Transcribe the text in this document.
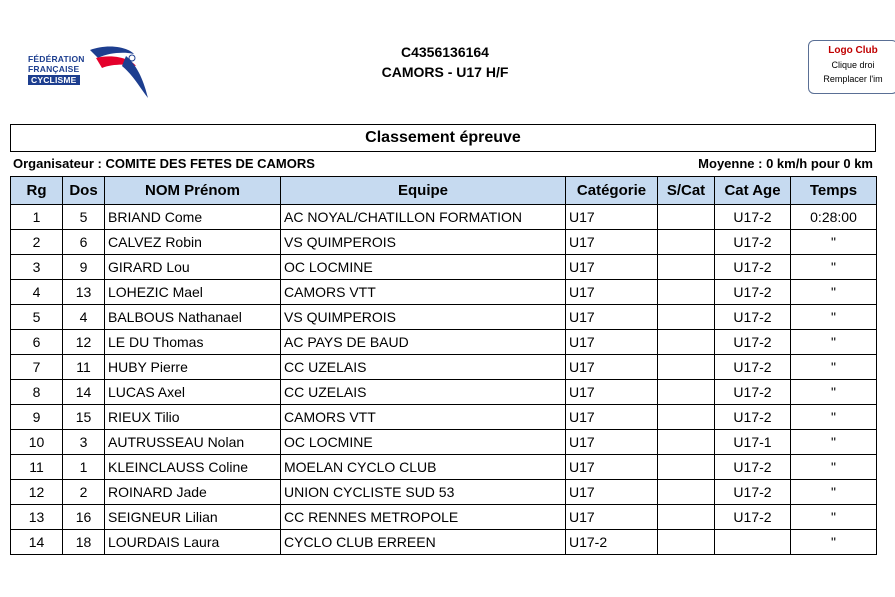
FÉDÉRATION
FRANÇAISE
CYCLISME
C4356136164
CAMORS - U17 H/F
Logo Club
Clique droi
Remplacer l'im
Classement épreuve
Organisateur : COMITE DES FETES DE CAMORS	Moyenne : 0 km/h pour 0 km
Rg	Dos	NOM Prénom	Equipe	Catégorie	S/Cat	Cat Age	Temps
1	5	BRIAND Come	AC NOYAL/CHATILLON FORMATION	U17		U17-2	0:28:00
2	6	CALVEZ Robin	VS QUIMPEROIS	U17		U17-2	"
3	9	GIRARD Lou	OC LOCMINE	U17		U17-2	"
4	13	LOHEZIC Mael	CAMORS VTT	U17		U17-2	"
5	4	BALBOUS Nathanael	VS QUIMPEROIS	U17		U17-2	"
6	12	LE DU Thomas	AC PAYS DE BAUD	U17		U17-2	"
7	11	HUBY Pierre	CC UZELAIS	U17		U17-2	"
8	14	LUCAS Axel	CC UZELAIS	U17		U17-2	"
9	15	RIEUX Tilio	CAMORS VTT	U17		U17-2	"
10	3	AUTRUSSEAU Nolan	OC LOCMINE	U17		U17-1	"
11	1	KLEINCLAUSS Coline	MOELAN CYCLO CLUB	U17		U17-2	"
12	2	ROINARD Jade	UNION CYCLISTE SUD 53	U17		U17-2	"
13	16	SEIGNEUR Lilian	CC RENNES METROPOLE	U17		U17-2	"
14	18	LOURDAIS Laura	CYCLO CLUB ERREEN	U17-2			"
